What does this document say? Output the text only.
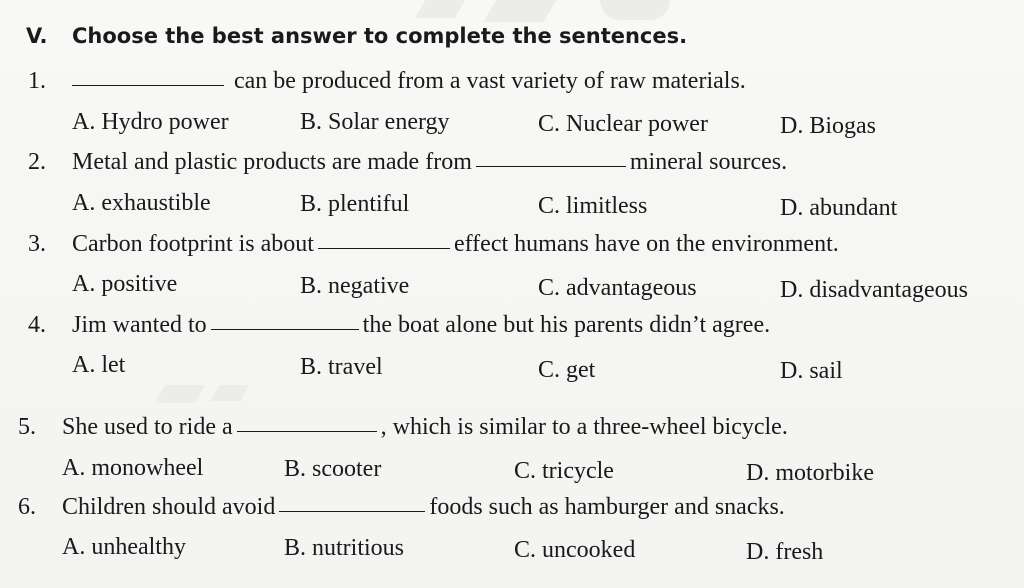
V. Choose the best answer to complete the sentences.
1.	can be produced from a vast variety of raw materials.
A. Hydro power	B. Solar energy	C. Nuclear power	D. Biogas
2. Metal and plastic products are made from	mineral sources.
A. exhaustible	B. plentiful	C. limitless	D. abundant
3. Carbon footprint is about	effect humans have on the environment.
A. positive	B. negative	C. advantageous	D. disadvantageous
4. Jim wanted to	the boat alone but his parents didn’t agree.
A. let	B. travel	C. get	D. sail
5. She used to ride a	, which is similar to a three-wheel bicycle.
A. monowheel	B. scooter	C. tricycle	D. motorbike
6. Children should avoid	foods such as hamburger and snacks.
A. unhealthy	B. nutritious	C. uncooked	D. fresh
